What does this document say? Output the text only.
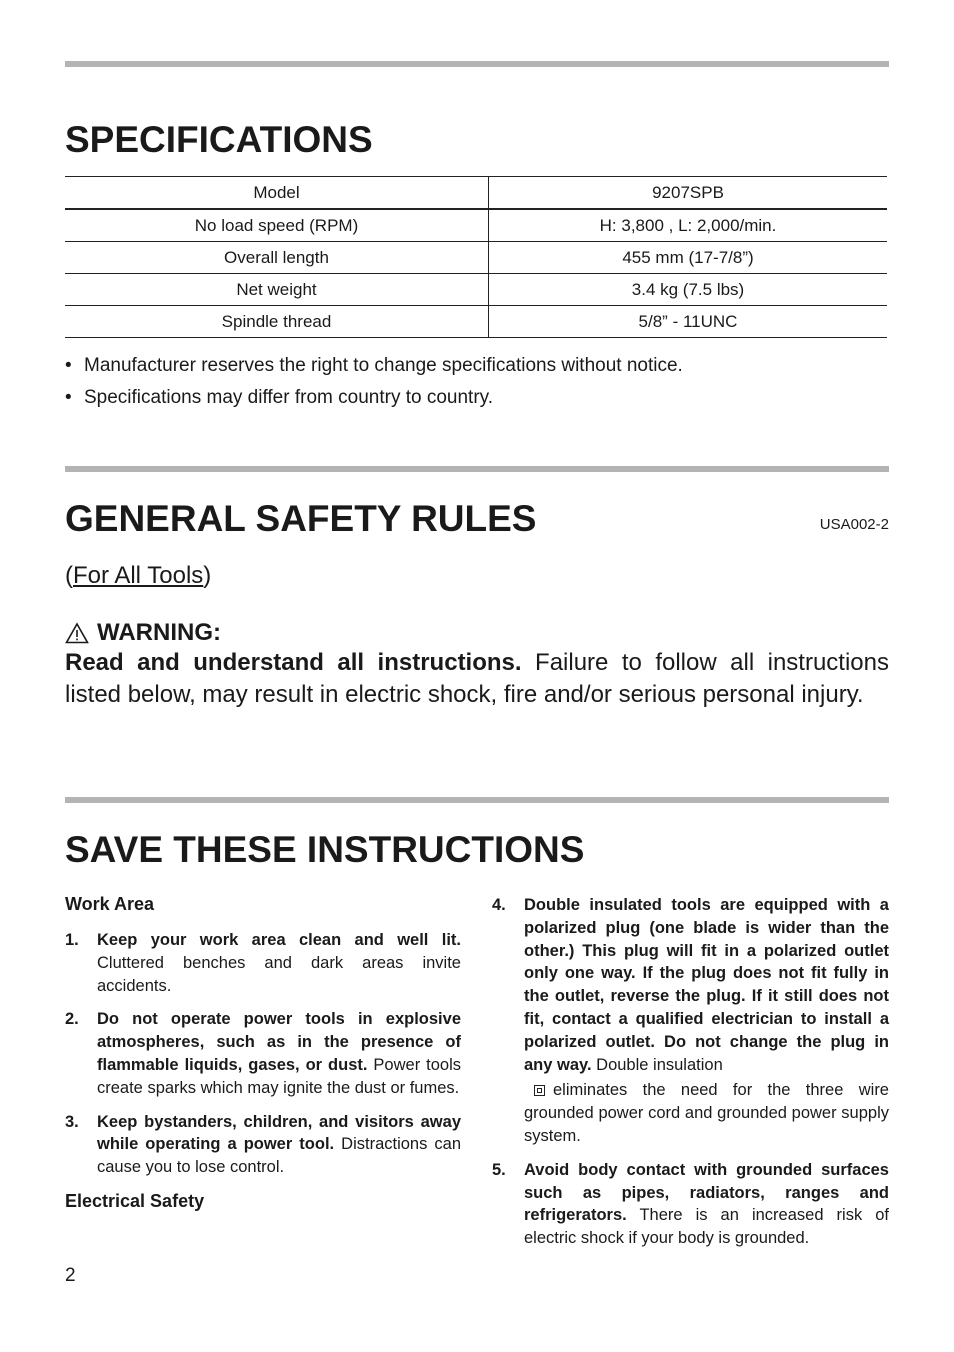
SPECIFICATIONS
Model	9207SPB
No load speed (RPM)	H: 3,800 , L: 2,000/min.
Overall length	455 mm (17-7/8”)
Net weight	3.4 kg (7.5 lbs)
Spindle thread	5/8” - 11UNC
• Manufacturer reserves the right to change specifications without notice.
• Specifications may differ from country to country.
GENERAL SAFETY RULES	USA002-2
(For All Tools)
WARNING:
Read and understand all instructions. Failure to follow all instructions listed below, may result in electric shock, fire and/or serious personal injury.
SAVE THESE INSTRUCTIONS
Work Area
1.	Keep your work area clean and well lit. Cluttered benches and dark areas invite accidents.
2.	Do not operate power tools in explosive atmospheres, such as in the presence of flammable liquids, gases, or dust. Power tools create sparks which may ignite the dust or fumes.
3.	Keep bystanders, children, and visitors away while operating a power tool. Distractions can cause you to lose control.
Electrical Safety
4.	Double insulated tools are equipped with a polarized plug (one blade is wider than the other.) This plug will fit in a polarized outlet only one way. If the plug does not fit fully in the outlet, reverse the plug. If it still does not fit, contact a qualified electrician to install a polarized outlet. Do not change the plug in any way. Double insulation
eliminates the need for the three wire grounded power cord and grounded power supply system.
5.	Avoid body contact with grounded surfaces such as pipes, radiators, ranges and refrigerators. There is an increased risk of electric shock if your body is grounded.
2
